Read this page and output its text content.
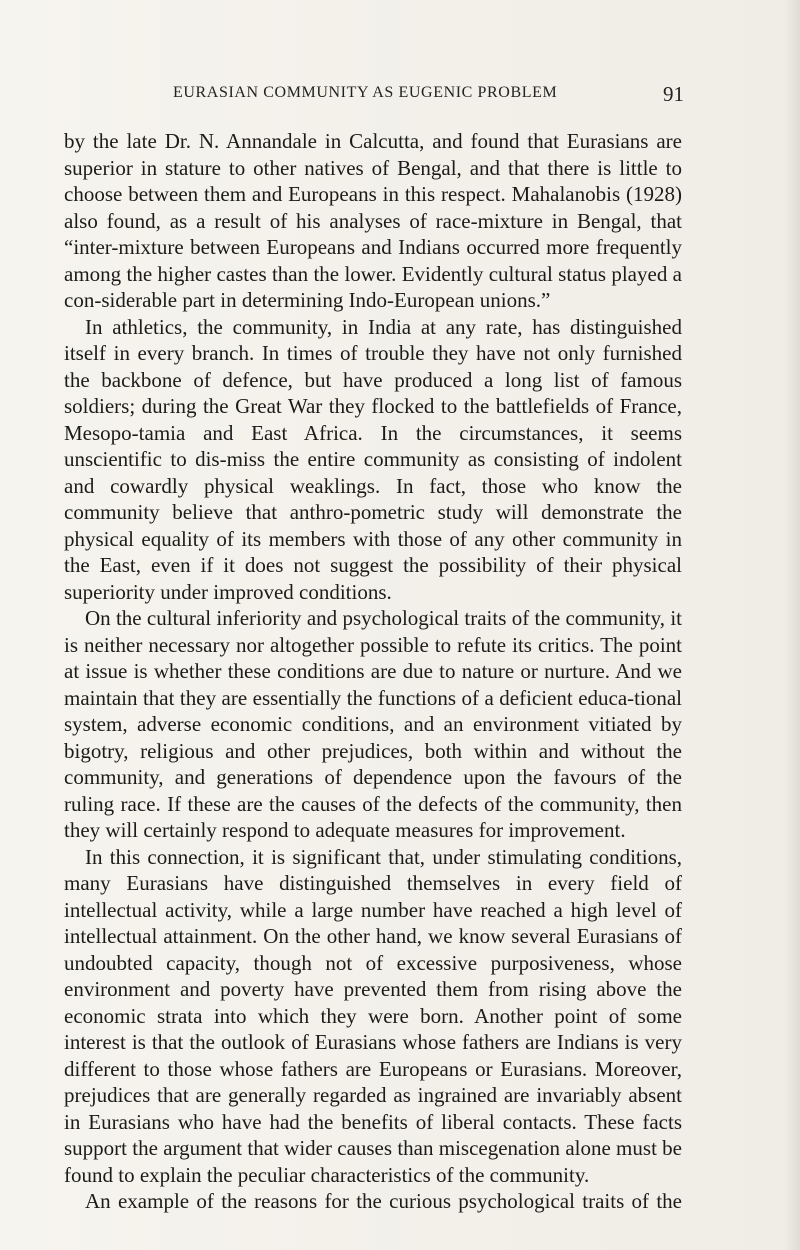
EURASIAN COMMUNITY AS EUGENIC PROBLEM	91

by the late Dr. N. Annandale in Calcutta, and found that Eurasians are superior in stature to other natives of Bengal, and that there is little to choose between them and Europeans in this respect. Mahalanobis (1928) also found, as a result of his analyses of race-mixture in Bengal, that “inter-mixture between Europeans and Indians occurred more frequently among the higher castes than the lower. Evidently cultural status played a con-siderable part in determining Indo-European unions.”

In athletics, the community, in India at any rate, has distinguished itself in every branch. In times of trouble they have not only furnished the backbone of defence, but have produced a long list of famous soldiers; during the Great War they flocked to the battlefields of France, Mesopo-tamia and East Africa. In the circumstances, it seems unscientific to dis-miss the entire community as consisting of indolent and cowardly physical weaklings. In fact, those who know the community believe that anthro-pometric study will demonstrate the physical equality of its members with those of any other community in the East, even if it does not suggest the possibility of their physical superiority under improved conditions.

On the cultural inferiority and psychological traits of the community, it is neither necessary nor altogether possible to refute its critics. The point at issue is whether these conditions are due to nature or nurture. And we maintain that they are essentially the functions of a deficient educa-tional system, adverse economic conditions, and an environment vitiated by bigotry, religious and other prejudices, both within and without the community, and generations of dependence upon the favours of the ruling race. If these are the causes of the defects of the community, then they will certainly respond to adequate measures for improvement.

In this connection, it is significant that, under stimulating conditions, many Eurasians have distinguished themselves in every field of intellectual activity, while a large number have reached a high level of intellectual attainment. On the other hand, we know several Eurasians of undoubted capacity, though not of excessive purposiveness, whose environment and poverty have prevented them from rising above the economic strata into which they were born. Another point of some interest is that the outlook of Eurasians whose fathers are Indians is very different to those whose fathers are Europeans or Eurasians. Moreover, prejudices that are generally regarded as ingrained are invariably absent in Eurasians who have had the benefits of liberal contacts. These facts support the argument that wider causes than miscegenation alone must be found to explain the peculiar characteristics of the community.

An example of the reasons for the curious psychological traits of the
